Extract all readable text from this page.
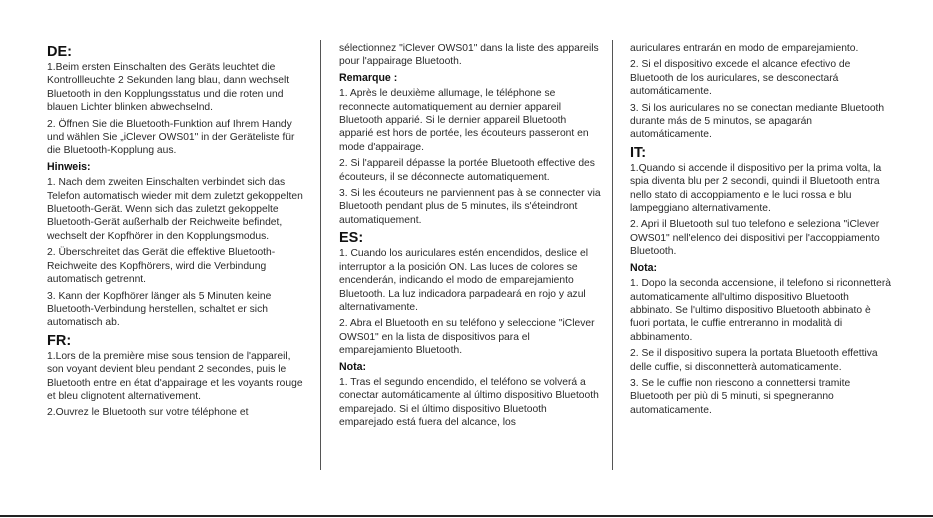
DE:

1.Beim ersten Einschalten des Geräts leuchtet die Kontrollleuchte 2 Sekunden lang blau, dann wechselt Bluetooth in den Kopplungsstatus und die roten und blauen Lichter blinken abwechselnd.

2. Öffnen Sie die Bluetooth-Funktion auf Ihrem Handy und wählen Sie „iClever OWS01" in der Geräteliste für die Bluetooth-Kopplung aus.

Hinweis:

1. Nach dem zweiten Einschalten verbindet sich das Telefon automatisch wieder mit dem zuletzt gekoppelten Bluetooth-Gerät. Wenn sich das zuletzt gekoppelte Bluetooth-Gerät außerhalb der Reichweite befindet, wechselt der Kopfhörer in den Kopplungsmodus.

2. Überschreitet das Gerät die effektive Bluetooth-Reichweite des Kopfhörers, wird die Verbindung automatisch getrennt.

3. Kann der Kopfhörer länger als 5 Minuten keine Bluetooth-Verbindung herstellen, schaltet er sich automatisch ab.

FR:

1.Lors de la première mise sous tension de l'appareil, son voyant devient bleu pendant 2 secondes, puis le Bluetooth entre en état d'appairage et les voyants rouge et bleu clignotent alternativement.

2.Ouvrez le Bluetooth sur votre téléphone et

sélectionnez "iClever OWS01" dans la liste des appareils pour l'appairage Bluetooth.

Remarque :

1. Après le deuxième allumage, le téléphone se reconnecte automatiquement au dernier appareil Bluetooth apparié. Si le dernier appareil Bluetooth apparié est hors de portée, les écouteurs passeront en mode d'appairage.

2. Si l'appareil dépasse la portée Bluetooth effective des écouteurs, il se déconnecte automatiquement.

3. Si les écouteurs ne parviennent pas à se connecter via Bluetooth pendant plus de 5 minutes, ils s'éteindront automatiquement.

ES:

1. Cuando los auriculares estén encendidos, deslice el interruptor a la posición ON. Las luces de colores se encenderán, indicando el modo de emparejamiento Bluetooth. La luz indicadora parpadeará en rojo y azul alternativamente.

2. Abra el Bluetooth en su teléfono y seleccione "iClever OWS01" en la lista de dispositivos para el emparejamiento Bluetooth.

Nota:

1. Tras el segundo encendido, el teléfono se volverá a conectar automáticamente al último dispositivo Bluetooth emparejado. Si el último dispositivo Bluetooth emparejado está fuera del alcance, los

auriculares entrarán en modo de emparejamiento.

2. Si el dispositivo excede el alcance efectivo de Bluetooth de los auriculares, se desconectará automáticamente.

3. Si los auriculares no se conectan mediante Bluetooth durante más de 5 minutos, se apagarán automáticamente.

IT:

1.Quando si accende il dispositivo per la prima volta, la spia diventa blu per 2 secondi, quindi il Bluetooth entra nello stato di accoppiamento e le luci rossa e blu lampeggiano alternativamente.

2. Apri il Bluetooth sul tuo telefono e seleziona "iClever OWS01" nell'elenco dei dispositivi per l'accoppiamento Bluetooth.

Nota:

1. Dopo la seconda accensione, il telefono si riconnetterà automaticamente all'ultimo dispositivo Bluetooth abbinato. Se l'ultimo dispositivo Bluetooth abbinato è fuori portata, le cuffie entreranno in modalità di abbinamento.

2. Se il dispositivo supera la portata Bluetooth effettiva delle cuffie, si disconnetterà automaticamente.

3. Se le cuffie non riescono a connettersi tramite Bluetooth per più di 5 minuti, si spegneranno automaticamente.
